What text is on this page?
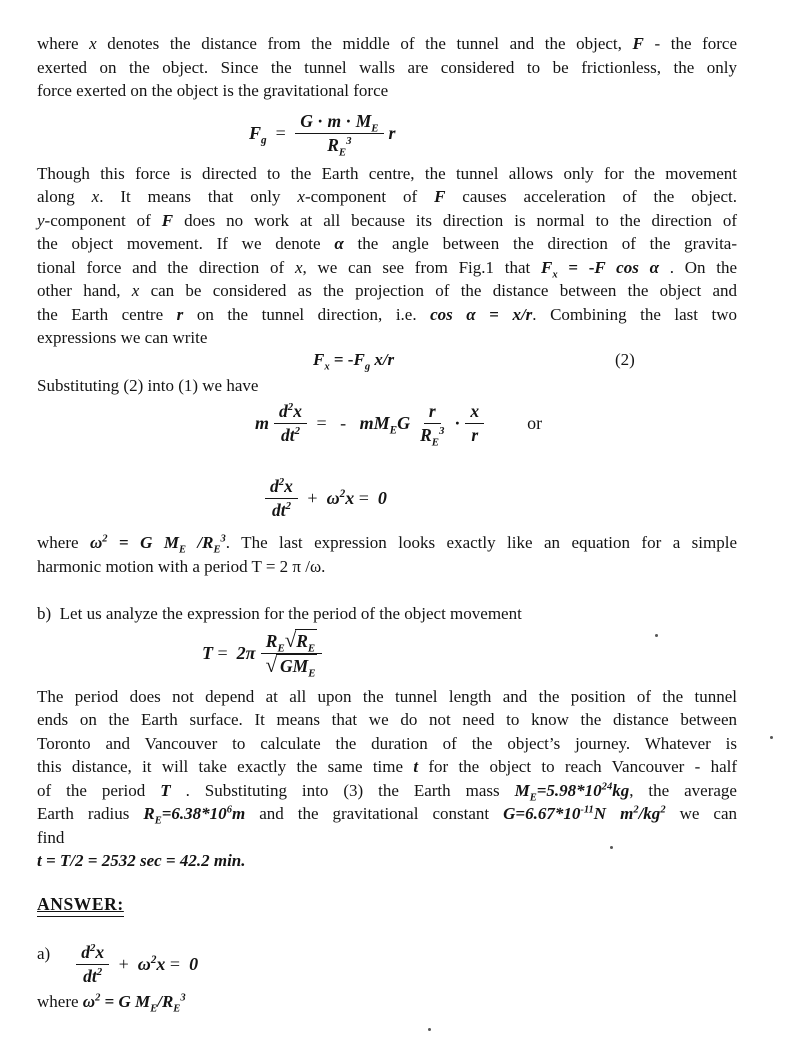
where x denotes the distance from the middle of the tunnel and the object, F - the force
exerted on the object. Since the tunnel walls are considered to be frictionless, the only
force exerted on the object is the gravitational force
$F_g = \frac{G \cdot m \cdot M_E}{R_E^3}$ r
Though this force is directed to the Earth centre, the tunnel allows only for the movement
along x. It means that only x-component of F causes acceleration of the object.
y-component of F does no work at all because its direction is normal to the direction of
the object movement. If we denote α the angle between the direction of the gravita-
tional force and the direction of x, we can see from Fig.1 that $F_x = -F$ cos α . On the
other hand, x can be considered as the projection of the distance between the object and
the Earth centre r on the tunnel direction, i.e. cos α = x/r. Combining the last two
expressions we can write
$F_x = -F_g$ x/r	(2)
Substituting (2) into (1) we have
m $\frac{d^2x}{dt^2}$ =   -   $mM_EG \frac{r}{R_E^3} \cdot \frac{x}{r}$ or
$\frac{d^2x}{dt^2} + \omega^2x = 0$
where $\omega^2 = G$ $M_E$ $/R_E^3$. The last expression looks exactly like an equation for a simple
harmonic motion with a period T = 2 π /ω.
b)  Let us analyze the expression for the period of the object movement
$T = 2\pi \frac{R_E√R_E}{√ GM_E}$
The period does not depend at all upon the tunnel length and the position of the tunnel
ends on the Earth surface. It means that we do not need to know the distance between
Toronto and Vancouver to calculate the duration of the object’s journey. Whatever is
this distance, it will take exactly the same time t for the object to reach Vancouver - half
of the period T . Substituting into (3) the Earth mass $M_E=5.98*10^{24}kg$, the average
Earth radius $R_E=6.38*10^6m$ and the gravitational constant $G=6.67*10^{-11}N$ $m^2/kg^2$ we can
find
t = T/2 = 2532 sec = 42.2 min.
ANSWER:
$a) \frac{d^2x}{dt^2} + \omega^2x = 0$
where $\omega^2 = G$ $M_E/R_E^3$
